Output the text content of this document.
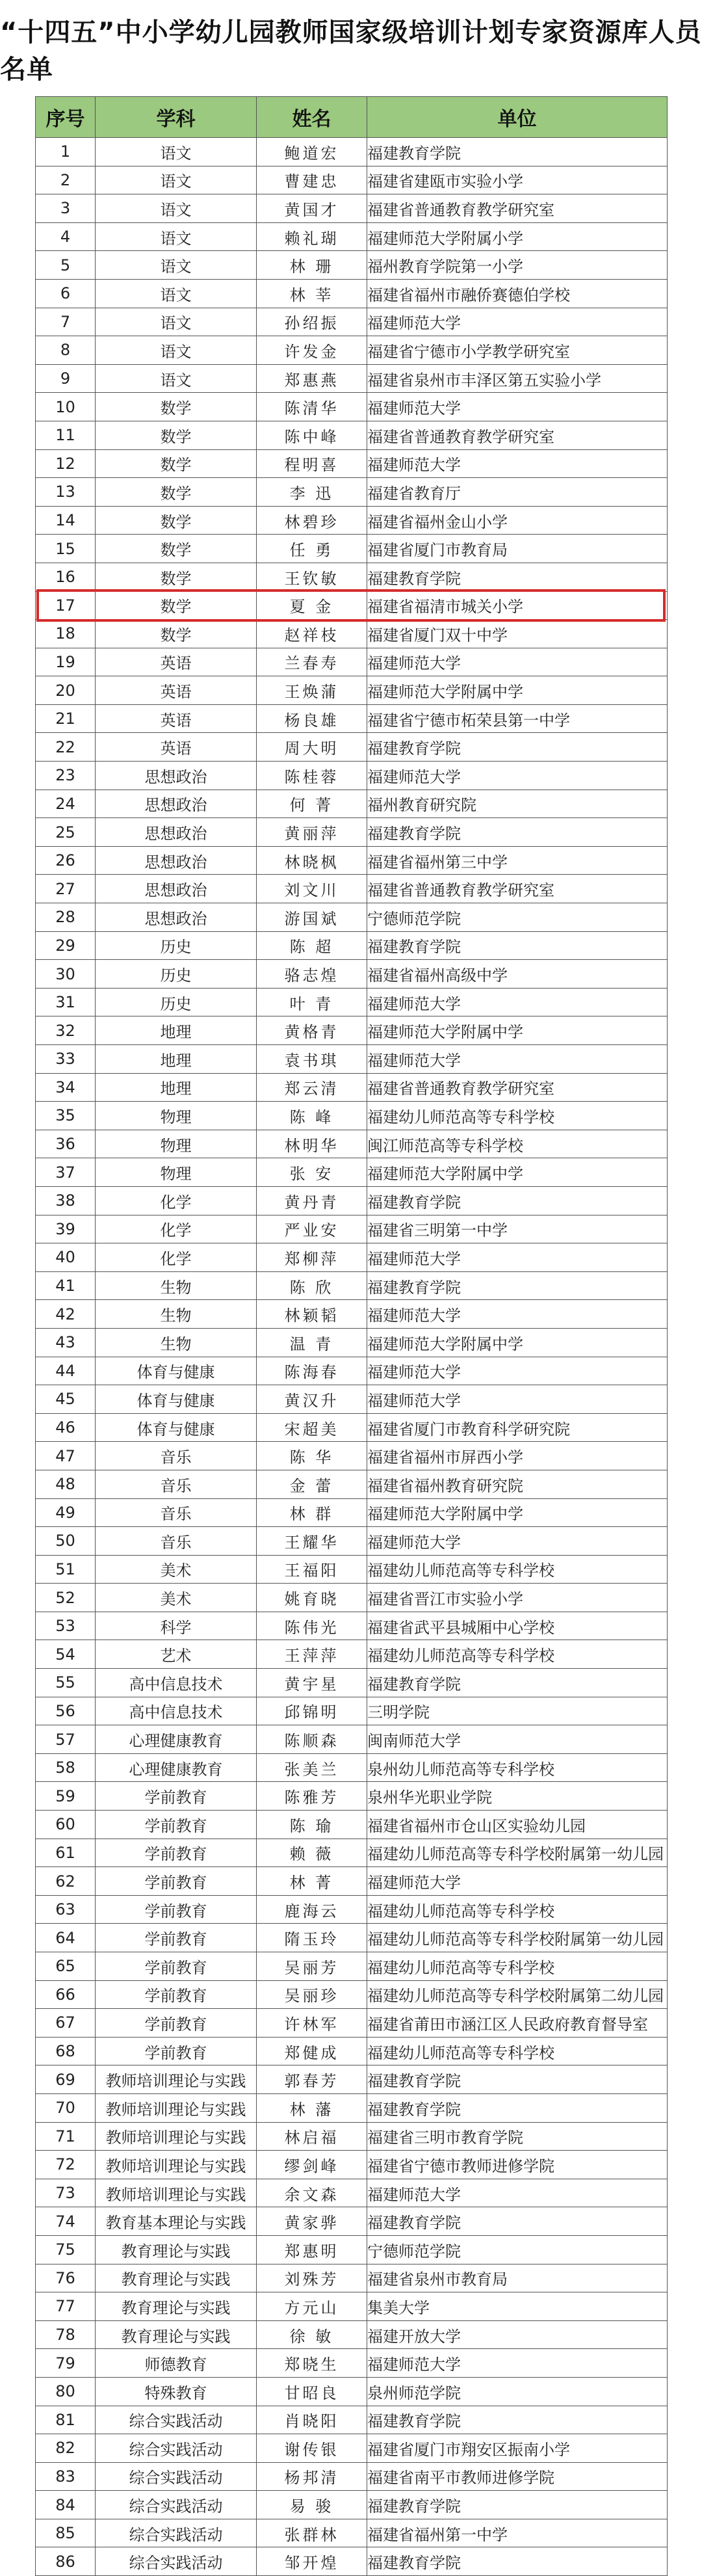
“十四五”中小学幼儿园教师国家级培训计划专家资源库人员名单
序号	学科	姓名	单位
1	语文	鲍道宏	福建教育学院
2	语文	曹建忠	福建省建瓯市实验小学
3	语文	黄国才	福建省普通教育教学研究室
4	语文	赖礼瑚	福建师范大学附属小学
5	语文	林 珊	福州教育学院第一小学
6	语文	林 莘	福建省福州市融侨赛德伯学校
7	语文	孙绍振	福建师范大学
8	语文	许发金	福建省宁德市小学教学研究室
9	语文	郑惠燕	福建省泉州市丰泽区第五实验小学
10	数学	陈清华	福建师范大学
11	数学	陈中峰	福建省普通教育教学研究室
12	数学	程明喜	福建师范大学
13	数学	李 迅	福建省教育厅
14	数学	林碧珍	福建省福州金山小学
15	数学	任 勇	福建省厦门市教育局
16	数学	王钦敏	福建教育学院
17	数学	夏 金	福建省福清市城关小学
18	数学	赵祥枝	福建省厦门双十中学
19	英语	兰春寿	福建师范大学
20	英语	王焕蒲	福建师范大学附属中学
21	英语	杨良雄	福建省宁德市柘荣县第一中学
22	英语	周大明	福建教育学院
23	思想政治	陈桂蓉	福建师范大学
24	思想政治	何 菁	福州教育研究院
25	思想政治	黄丽萍	福建教育学院
26	思想政治	林晓枫	福建省福州第三中学
27	思想政治	刘文川	福建省普通教育教学研究室
28	思想政治	游国斌	宁德师范学院
29	历史	陈 超	福建教育学院
30	历史	骆志煌	福建省福州高级中学
31	历史	叶 青	福建师范大学
32	地理	黄格青	福建师范大学附属中学
33	地理	袁书琪	福建师范大学
34	地理	郑云清	福建省普通教育教学研究室
35	物理	陈 峰	福建幼儿师范高等专科学校
36	物理	林明华	闽江师范高等专科学校
37	物理	张 安	福建师范大学附属中学
38	化学	黄丹青	福建教育学院
39	化学	严业安	福建省三明第一中学
40	化学	郑柳萍	福建师范大学
41	生物	陈 欣	福建教育学院
42	生物	林颖韬	福建师范大学
43	生物	温 青	福建师范大学附属中学
44	体育与健康	陈海春	福建师范大学
45	体育与健康	黄汉升	福建师范大学
46	体育与健康	宋超美	福建省厦门市教育科学研究院
47	音乐	陈 华	福建省福州市屏西小学
48	音乐	金 蕾	福建省福州教育研究院
49	音乐	林 群	福建师范大学附属中学
50	音乐	王耀华	福建师范大学
51	美术	王福阳	福建幼儿师范高等专科学校
52	美术	姚育晓	福建省晋江市实验小学
53	科学	陈伟光	福建省武平县城厢中心学校
54	艺术	王萍萍	福建幼儿师范高等专科学校
55	高中信息技术	黄宇星	福建教育学院
56	高中信息技术	邱锦明	三明学院
57	心理健康教育	陈顺森	闽南师范大学
58	心理健康教育	张美兰	泉州幼儿师范高等专科学校
59	学前教育	陈雅芳	泉州华光职业学院
60	学前教育	陈 瑜	福建省福州市仓山区实验幼儿园
61	学前教育	赖 薇	福建幼儿师范高等专科学校附属第一幼儿园
62	学前教育	林 菁	福建师范大学
63	学前教育	鹿海云	福建幼儿师范高等专科学校
64	学前教育	隋玉玲	福建幼儿师范高等专科学校附属第一幼儿园
65	学前教育	吴丽芳	福建幼儿师范高等专科学校
66	学前教育	吴丽珍	福建幼儿师范高等专科学校附属第二幼儿园
67	学前教育	许林军	福建省莆田市涵江区人民政府教育督导室
68	学前教育	郑健成	福建幼儿师范高等专科学校
69	教师培训理论与实践	郭春芳	福建教育学院
70	教师培训理论与实践	林 藩	福建教育学院
71	教师培训理论与实践	林启福	福建省三明市教育学院
72	教师培训理论与实践	缪剑峰	福建省宁德市教师进修学院
73	教师培训理论与实践	余文森	福建师范大学
74	教育基本理论与实践	黄家骅	福建教育学院
75	教育理论与实践	郑惠明	宁德师范学院
76	教育理论与实践	刘殊芳	福建省泉州市教育局
77	教育理论与实践	方元山	集美大学
78	教育理论与实践	徐 敏	福建开放大学
79	师德教育	郑晓生	福建师范大学
80	特殊教育	甘昭良	泉州师范学院
81	综合实践活动	肖晓阳	福建教育学院
82	综合实践活动	谢传银	福建省厦门市翔安区振南小学
83	综合实践活动	杨邦清	福建省南平市教师进修学院
84	综合实践活动	易 骏	福建教育学院
85	综合实践活动	张群林	福建省福州第一中学
86	综合实践活动	邹开煌	福建教育学院
